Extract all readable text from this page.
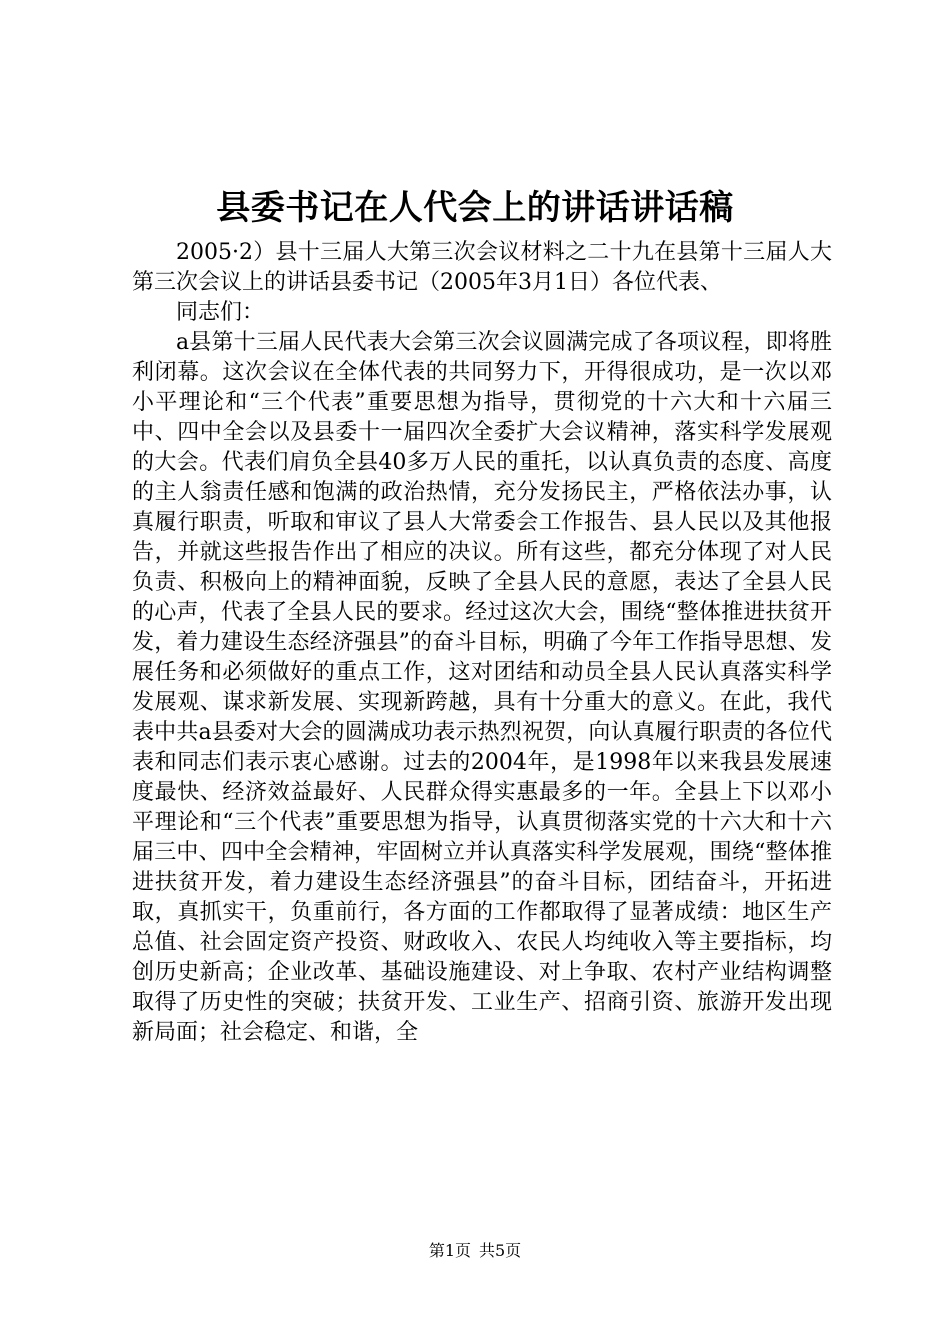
县委书记在人代会上的讲话讲话稿

2005·2）县十三届人大第三次会议材料之二十九在县第十三届人大第三次会议上的讲话县委书记（2005年3月1日）各位代表、

同志们：

a县第十三届人民代表大会第三次会议圆满完成了各项议程，即将胜利闭幕。这次会议在全体代表的共同努力下，开得很成功，是一次以邓小平理论和“三个代表”重要思想为指导，贯彻党的十六大和十六届三中、四中全会以及县委十一届四次全委扩大会议精神，落实科学发展观的大会。代表们肩负全县40多万人民的重托，以认真负责的态度、高度的主人翁责任感和饱满的政治热情，充分发扬民主，严格依法办事，认真履行职责，听取和审议了县人大常委会工作报告、县人民以及其他报告，并就这些报告作出了相应的决议。所有这些，都充分体现了对人民负责、积极向上的精神面貌，反映了全县人民的意愿，表达了全县人民的心声，代表了全县人民的要求。经过这次大会，围绕“整体推进扶贫开发，着力建设生态经济强县”的奋斗目标，明确了今年工作指导思想、发展任务和必须做好的重点工作，这对团结和动员全县人民认真落实科学发展观、谋求新发展、实现新跨越，具有十分重大的意义。在此，我代表中共a县委对大会的圆满成功表示热烈祝贺，向认真履行职责的各位代表和同志们表示衷心感谢。过去的2004年，是1998年以来我县发展速度最快、经济效益最好、人民群众得实惠最多的一年。全县上下以邓小平理论和“三个代表”重要思想为指导，认真贯彻落实党的十六大和十六届三中、四中全会精神，牢固树立并认真落实科学发展观，围绕“整体推进扶贫开发，着力建设生态经济强县”的奋斗目标，团结奋斗，开拓进取，真抓实干，负重前行，各方面的工作都取得了显著成绩：地区生产总值、社会固定资产投资、财政收入、农民人均纯收入等主要指标，均创历史新高；企业改革、基础设施建设、对上争取、农村产业结构调整取得了历史性的突破；扶贫开发、工业生产、招商引资、旅游开发出现新局面；社会稳定、和谐，全

第1页 共5页
